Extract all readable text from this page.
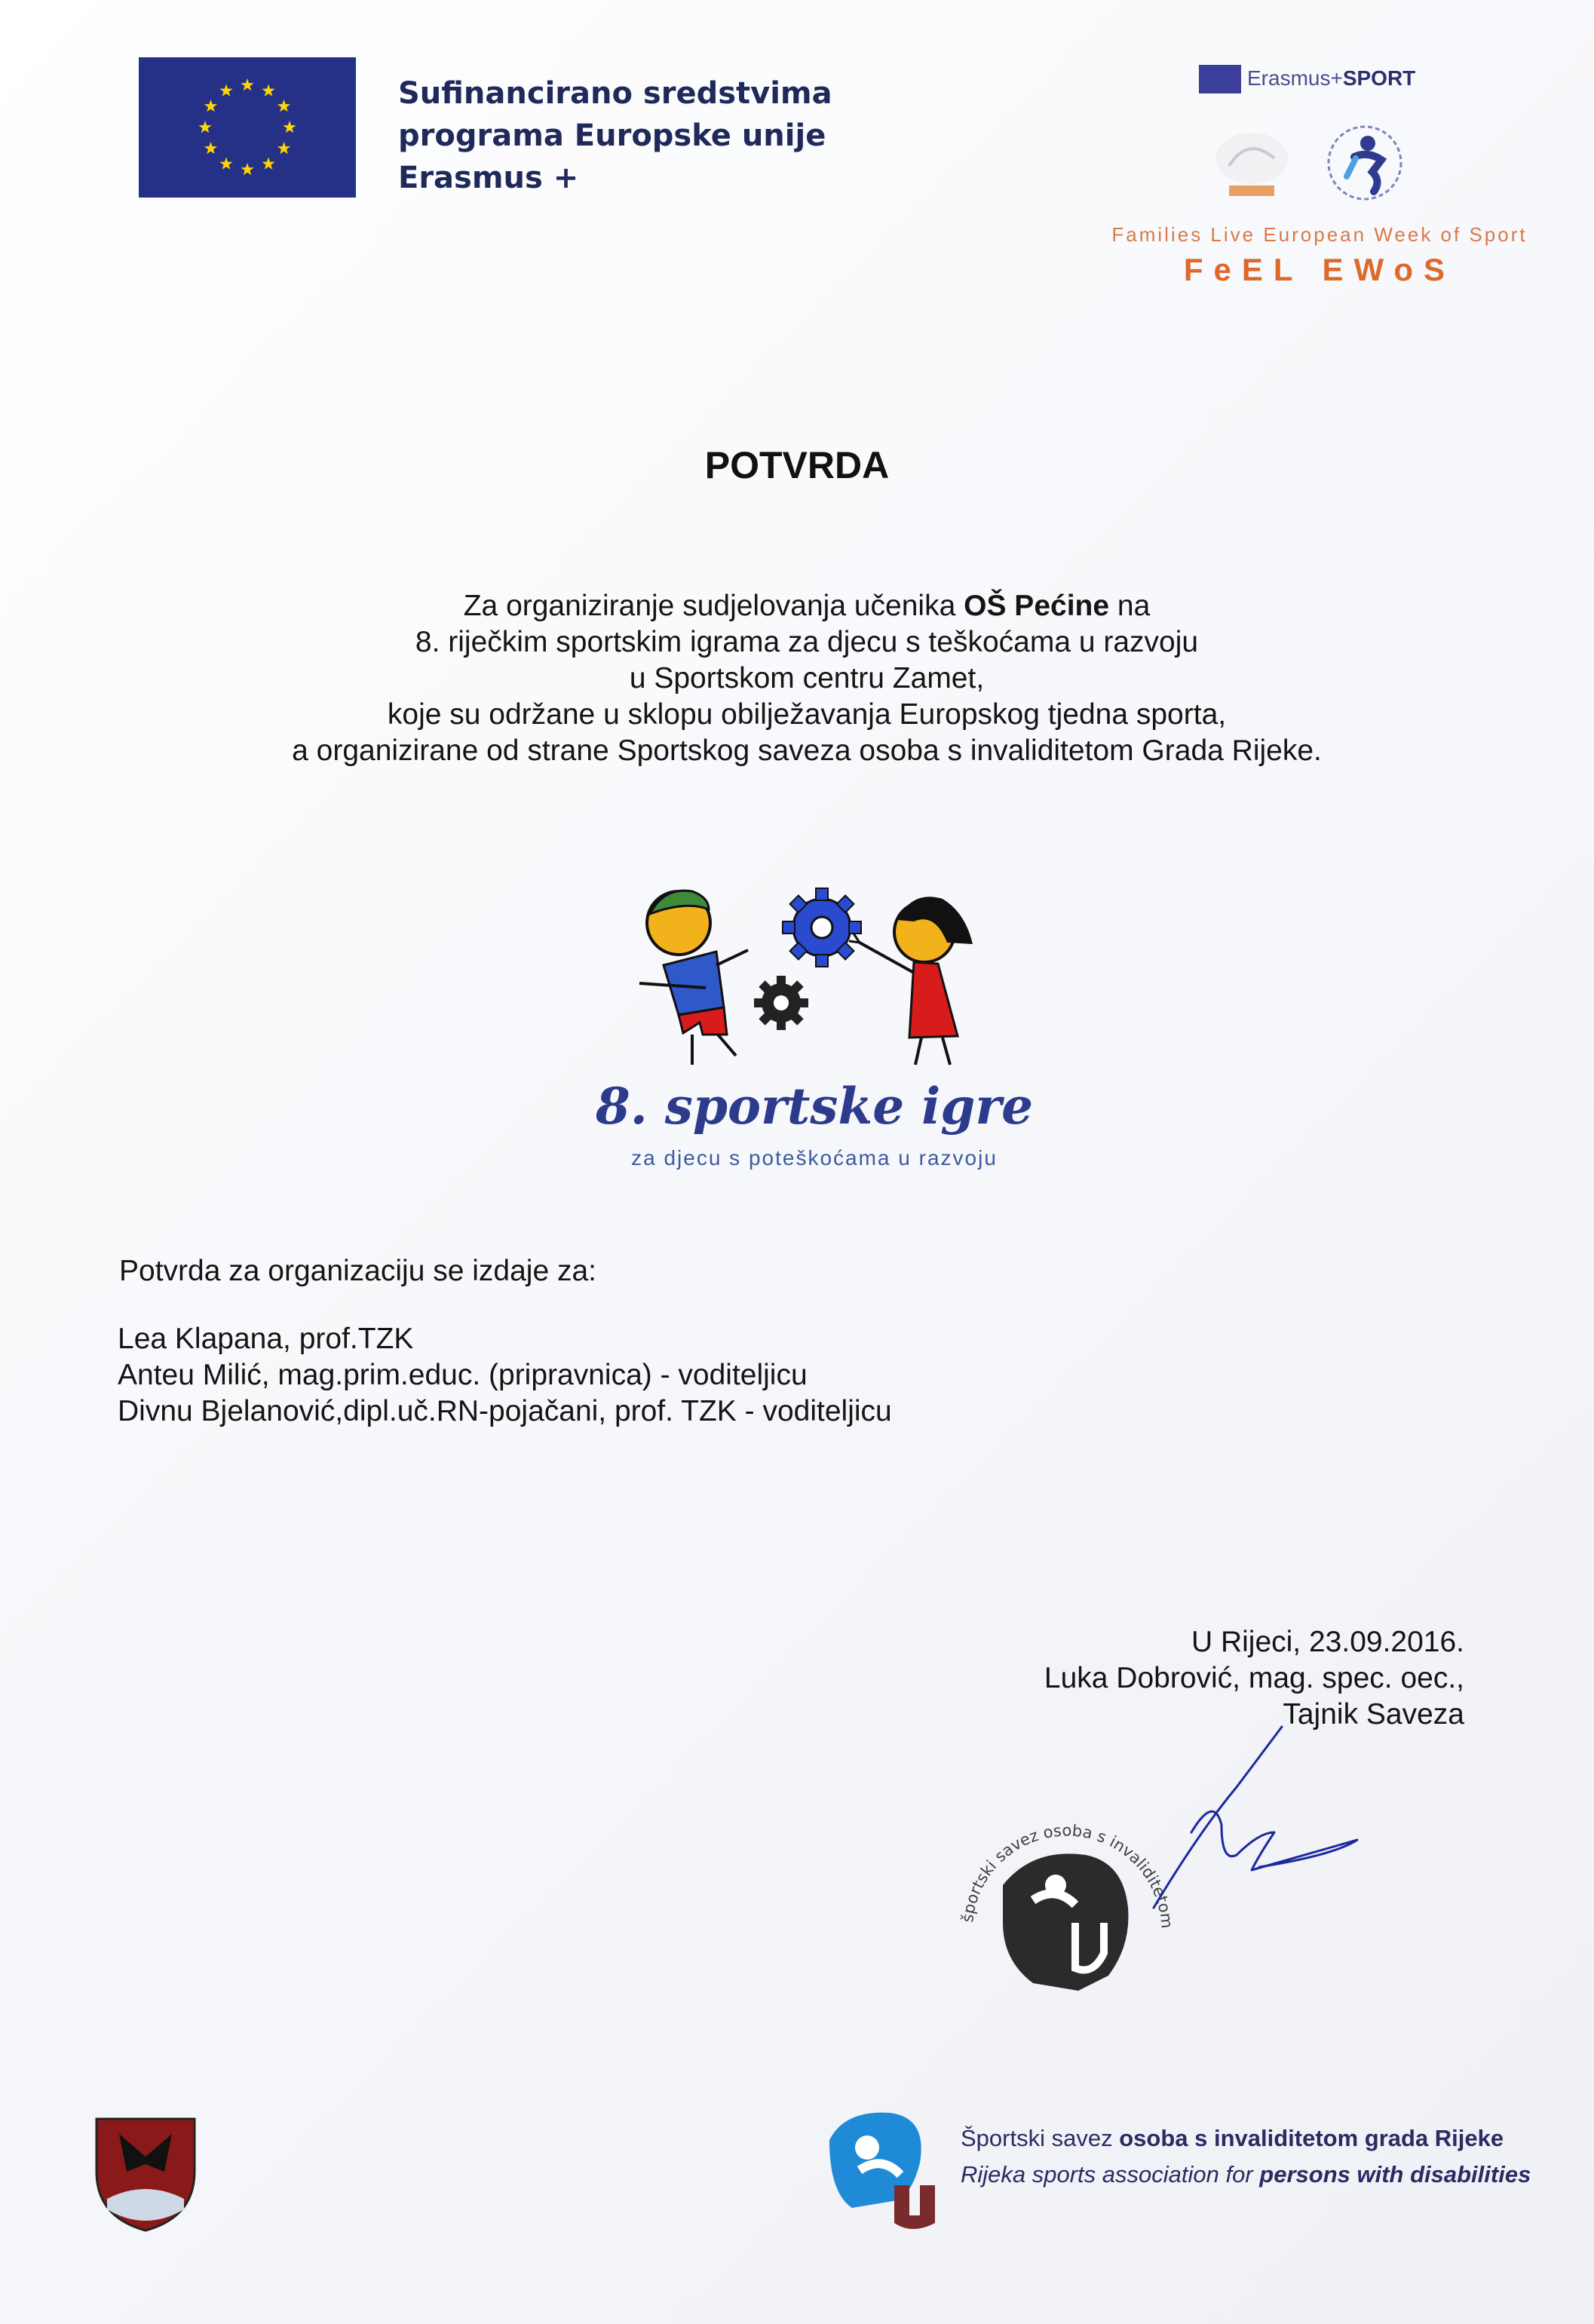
Sufinancirano sredstvima
programa Europske unije
Erasmus +
Erasmus+SPORT
Families Live European Week of Sport
FeEL EWoS
POTVRDA
Za organiziranje sudjelovanja učenika OŠ Pećine na
8. riječkim sportskim igrama za djecu s teškoćama u razvoju
u Sportskom centru Zamet,
koje su održane u sklopu obilježavanja Europskog tjedna sporta,
a organizirane od strane Sportskog saveza osoba s invaliditetom Grada Rijeke.
8. sportske igre
za djecu s poteškoćama u razvoju
Potvrda za organizaciju se izdaje za:
Lea Klapana, prof.TZK
Anteu Milić, mag.prim.educ. (pripravnica) - voditeljicu
Divnu Bjelanović,dipl.uč.RN-pojačani, prof. TZK - voditeljicu
U Rijeci, 23.09.2016.
Luka Dobrović, mag. spec. oec.,
Tajnik Saveza
športski savez osoba s invaliditetom
Športski savez osoba s invaliditetom grada Rijeke
Rijeka sports association for persons with disabilities
